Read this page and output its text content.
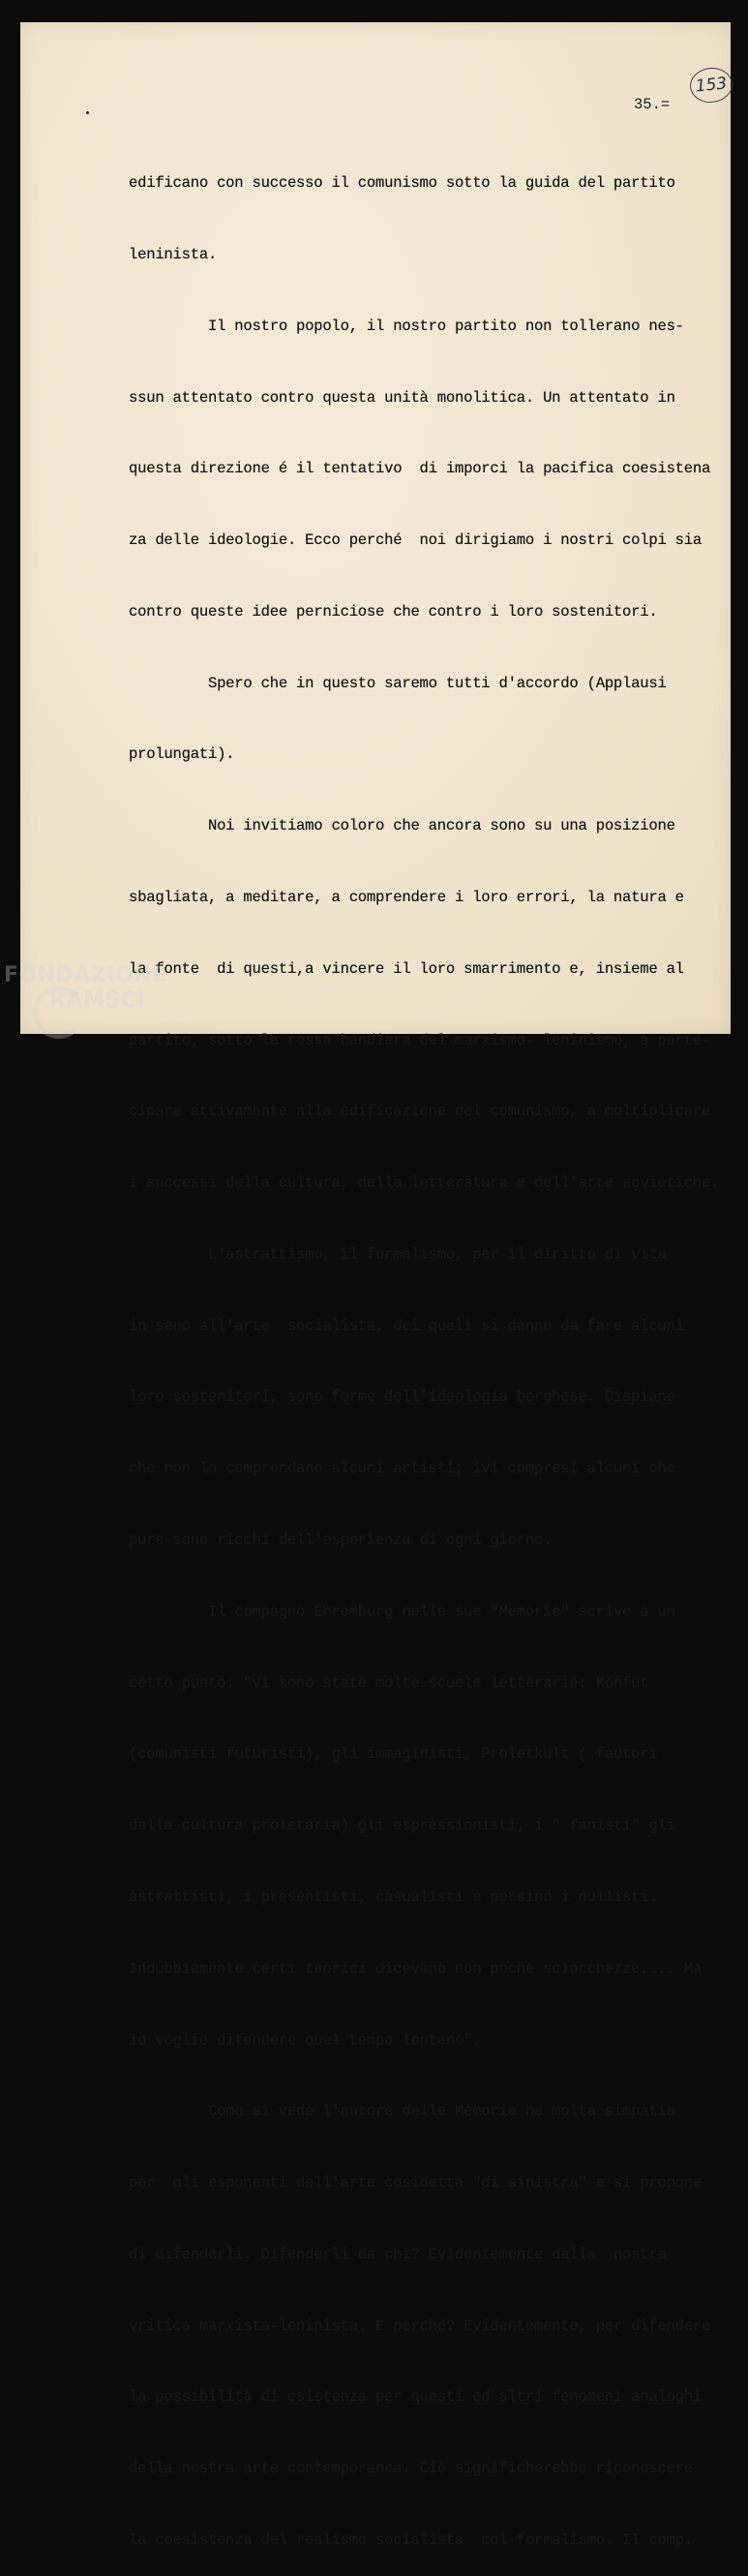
153
35.=

edificano con successo il comunismo sotto la guida del partito

leninista.

Il nostro popolo, il nostro partito non tollerano nes-

ssun attentato contro questa unità monolitica. Un attentato in

questa direzione é il tentativo  di imporci la pacifica coesistena

za delle ideologie. Ecco perché  noi dirigiamo i nostri colpi sia

contro queste idee perniciose che contro i loro sostenitori.

Spero che in questo saremo tutti d'accordo (Applausi

prolungati).

Noi invitiamo coloro che ancora sono su una posizione

sbagliata, a meditare, a comprendere i loro errori, la natura e

la fonte  di questi,a vincere il loro smarrimento e, insieme al

partito, sotto la rossa bandiera del marxismo- leninismo, a parte-

cipare attivamente alla edificazione del comunismo, a moltiplicare

i successi della cultura, della letteratura e dell'arte sovietiche.

L'astrattismo, il formalismo, per il diritto di vita

in seno all'arte  socialista, dei quali si danno da fare alcuni

loro sostenitori, sono forme dell'ideologia borghese. Dispiane

che non lo comprendano alcuni artisti; ivi compresi alcuni che

pure sono ricchi dell'esperienza di ogni giorno.

Il compagno Ehremburg nelle sue "Memorie" scrive a un

cetto punto: "Vi sono state molte scuole letterarie: Konfut

(comunisti futuristi), gli immaginisti, Proletkult ( fautori

della cultura proletaria) gli espressionisti, i " fanisti" gli

astrattisti, i presentisti, casualisti e persino i nullisti.

Indubbiamente certi teorici dicevano non poche sciocchezze.... Ma

io voglio difendere quel tempo lontano".

Come si vede l'autore delle Memorie ha molta simpatia

per  gli esponenti dell'arte cosidetta "di sinistra" e si propone

di difenderli. Difenderli da chi? Evidentemente dalla  nostra

vritica marxista-leninista. E perché? Evidentemente, per difendere

la possibilità di esistenza per questi ed altri fenomeni analoghi

della nostra arte contemporanea. Ciò significherebbe riconoscere

la coesistenza del realismo socialista  col formalismo. Il comp.

FONDAZIONE
RAMSCI
onlus
